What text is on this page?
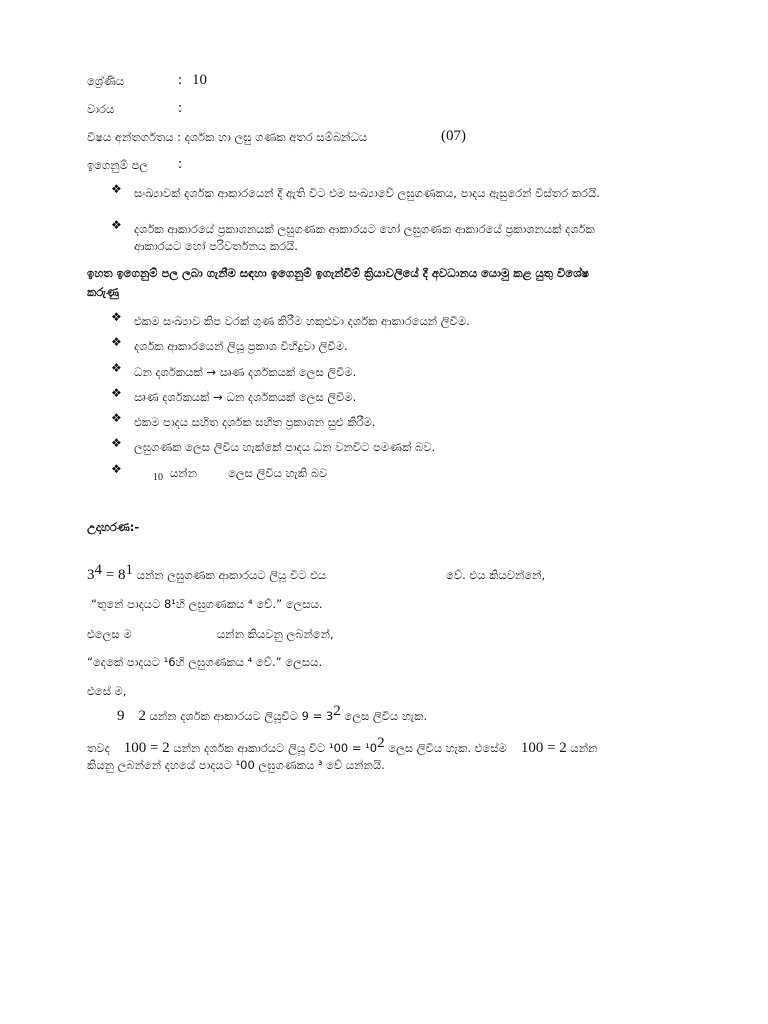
ශ්‍රේණිය	: 10
වාරය	:
විෂය අන්තර්ගතය : දර්ශක හා ලඝු ගණක අතර සම්බන්ධය	(07)
ඉගෙනුම් පල :
❖ සංඛ්‍යාවක් දර්ශක ආකාරයෙන් දී ඇති විට එම සංඛ්‍යාවේ ලඝුගණකය, පාදය ඇසුරෙන් විස්තර කරයි.
❖ දර්ශක ආකාරයේ ප්‍රකාශනයක් ලඝුගණක ආකාරයට හෝ ලඝුගණක ආකාරයේ ප්‍රකාශනයක් දර්ශක
ආකාරයට හෝ පරිවර්තනය කරයි.
ඉහත ඉගෙනුම් පල ලබා ගැනීම සඳහා ඉගෙනුම් ඉගැන්වීම් ක්‍රියාවලියේ දී අවධානය යොමු කළ යුතු විශේෂ
කරුණු
❖ එකම සංඛ්‍යාව කිප වරක් ගුණ කිරීම හකුළුවා දර්ශක ආකාරයෙන් ලිවීම.
❖ දර්ශක ආකාරයෙන් ලියූ ප්‍රකාශ විහිදුවා ලිවීම.
❖ ධන දර්ශකයක් → ඍණ දර්ශකයක් ලෙස ලිවීම.
❖ ඍණ දර්ශකයක් → ධන දර්ශකයක් ලෙස ලිවීම.
❖ එකම පාදය සහිත දර්ශක සහිත ප්‍රකාශන සුළු කිරීම.
❖ ලඝුගණක ලෙස ලිවිය හැක්කේ පාදය ධන වනවිට පමණක් බව.
❖
10 යන්න	ලෙස ලිවිය හැකි බව
උදාහරණ:-
$3^4 = 8^1$ යන්න ලඝුගණක ආකාරයට ලියූ විට එය	වේ. එය කියවන්නේ,
“තුනේ පාදයට 8¹හි ලඝුගණකය ⁴ වේ.” ලෙසය.
එලෙස ම	යන්න කියවනු ලබන්නේ,
“දෙකේ පාදයට ¹6හි ලඝුගණකය ⁴ වේ.” ලෙසය.
එසේ ම,
9 2 යන්න දර්ශක ආකාරයට ලියූවිට $9 = 3^2$ ලෙස ලිවිය හැක.
තවද 100 = 2 යන්න දර්ශක ආකාරයට ලියූ විට $^100 = ^10^2$ ලෙස ලිවිය හැක. එසේම 100 = 2 යන්න
කියනු ලබන්නේ දහයේ පාදයට ¹00 ලඝුගණකය ³ වේ යන්නයි.
